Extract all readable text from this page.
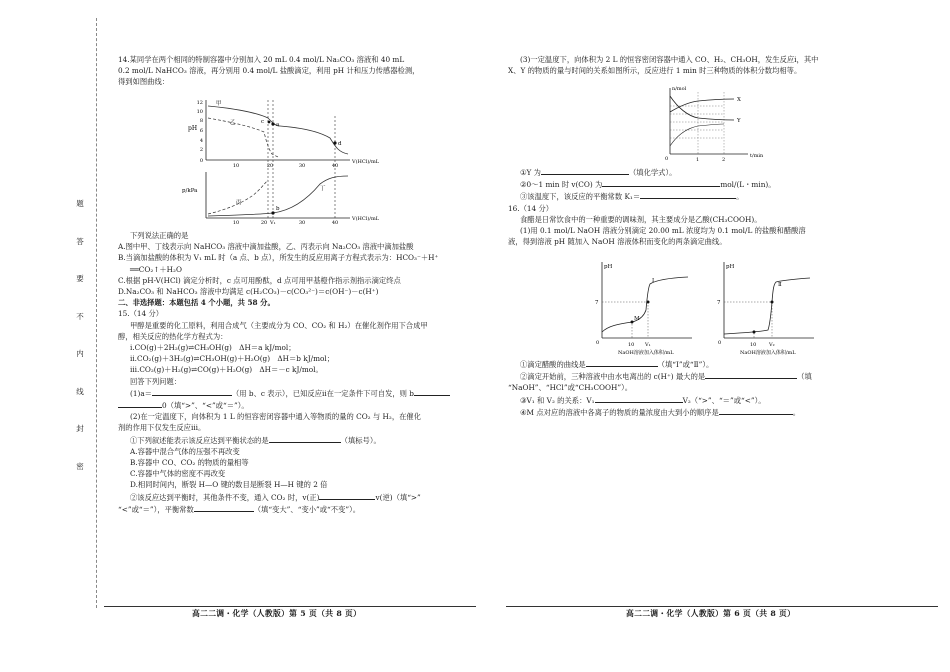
题
答
要
不
内
线
封
密

14.某同学在两个相同的特制容器中分别加入 20 mL 0.4 mol/L Na₂CO₃ 溶液和 40 mL

0.2 mol/L NaHCO₃ 溶液，再分别用 0.4 mol/L 盐酸滴定，利用 pH 计和压力传感器检测，

得到如图曲线：

pH
12
10
8
6
4
2
0
10	20	30	40
V(HCl)/mL
甲
乙	a
c
d
p/kPa
丙
丁
b
10	20	30	40
V₁
V(HCl)/mL

下列说法正确的是

A.图中甲、丁线表示向 NaHCO₃ 溶液中滴加盐酸，乙、丙表示向 Na₂CO₃ 溶液中滴加盐酸

B.当滴加盐酸的体积为 V₁ mL 时（a 点、b 点），所发生的反应用离子方程式表示为：HCO₃⁻＋H⁺

══CO₂↑＋H₂O

C.根据 pH-V(HCl) 滴定分析时，c 点可用酚酞，d 点可用甲基橙作指示剂指示滴定终点

D.Na₂CO₃ 和 NaHCO₃ 溶液中均满足 c(H₂CO₃)－c(CO₃²⁻)＝c(OH⁻)－c(H⁺)

二、非选择题：本题包括 4 个小题，共 58 分。

15.（14 分）

甲醇是重要的化工原料，利用合成气（主要成分为 CO、CO₂ 和 H₂）在催化剂作用下合成甲

醇，相关反应的热化学方程式为：

ⅰ.CO(g)＋2H₂(g)⇌CH₃OH(g)　ΔH＝a kJ/mol；

ⅱ.CO₂(g)＋3H₂(g)⇌CH₃OH(g)＋H₂O(g)　ΔH＝b kJ/mol；

ⅲ.CO₂(g)＋H₂(g)⇌CO(g)＋H₂O(g)　ΔH＝－c kJ/mol。

回答下列问题：

(1)a＝	（用 b、c 表示），已知反应ⅱ在一定条件下可自发，则 b

0（填“>”、“<”或“＝”）。

(2)在一定温度下，向体积为 1 L 的恒容密闭容器中通入等物质的量的 CO₂ 与 H₂，在催化

剂的作用下仅发生反应ⅲ。

①下列叙述能表示该反应达到平衡状态的是	（填标号）。

A.容器中混合气体的压强不再改变

B.容器中 CO、CO₂ 的物质的量相等

C.容器中气体的密度不再改变

D.相同时间内，断裂 H—O 键的数目是断裂 H—H 键的 2 倍

②该反应达到平衡时，其他条件不变，通入 CO₂ 时，v(正)	v(逆)（填“>”

“<”或“＝”），平衡常数	（填“变大”、“变小”或“不变”）。

高二二调・化学（人教版）第 5 页（共 8 页）

(3)一定温度下，向体积为 2 L 的恒容密闭容器中通入 CO、H₂、CH₃OH，发生反应ⅰ，其中

X、Y 的物质的量与时间的关系如图所示，反应进行 1 min 时三种物质的体积分数均相等。

n/mol
t/min
0
X
Y
1	2

①Y 为	（填化学式）。

②0～1 min 时 v(CO) 为	mol/(L・min)。

③该温度下，该反应的平衡常数 K₁＝	。

16.（14 分）

食醋是日常饮食中的一种重要的调味剂，其主要成分是乙酸(CH₃COOH)。

(1)用 0.1 mol/L NaOH 溶液分别滴定 20.00 mL 浓度均为 0.1 mol/L 的盐酸和醋酸溶

液，得到溶液 pH 随加入 NaOH 溶液体积而变化的两条滴定曲线。

pH
7
0
M
Ⅰ
10 V₁
NaOH溶液加入体积/mL
pH
7
0
Ⅱ
10	V₂
NaOH溶液加入体积/mL

①滴定醋酸的曲线是	（填“Ⅰ”或“Ⅱ”）。

②滴定开始前，三种溶液中由水电离出的 c(H⁺) 最大的是	（填

“NaOH”、“HCl”或“CH₃COOH”）。

③V₁ 和 V₂ 的关系：V₁	V₂（“>”、“＝”或“<”）。

④M 点对应的溶液中各离子的物质的量浓度由大到小的顺序是	。

高二二调・化学（人教版）第 6 页（共 8 页）
